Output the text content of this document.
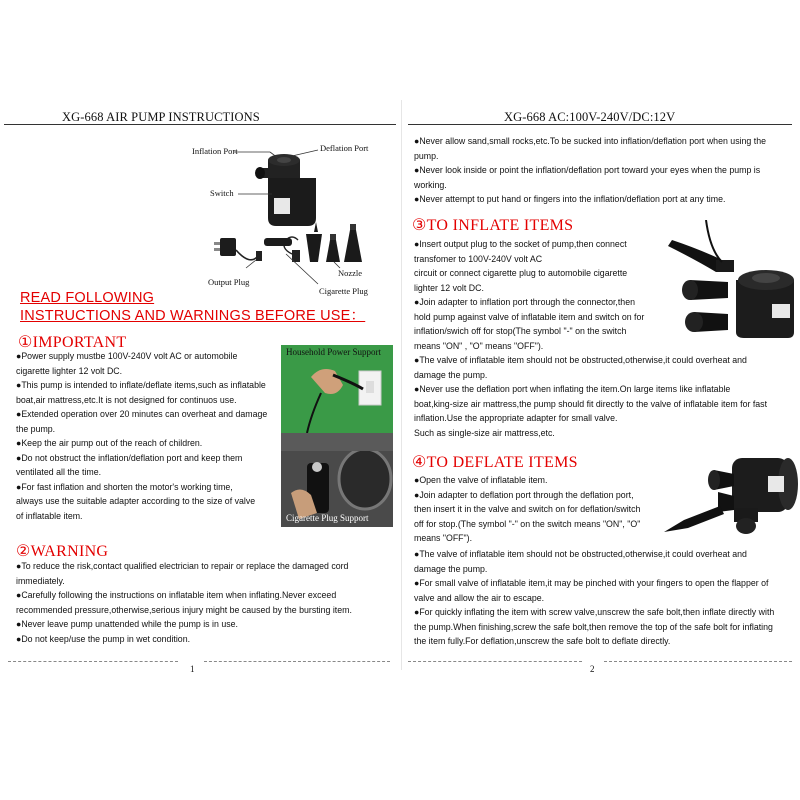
XG-668 AIR PUMP INSTRUCTIONS
Inflation Port	Deflation Port
Switch
Output Plug
Nozzle
Cigarette Plug
READ FOLLOWING
INSTRUCTIONS AND WARNINGS BEFORE USE：
①IMPORTANT

●Power supply mustbe 100V-240V volt AC or automobile

cigarette lighter 12 volt DC.

●This pump is intended to inflate/deflate items,such as inflatable

boat,air mattress,etc.It is not designed for continuos use.

●Extended operation over 20 minutes can overheat and damage

the pump.

●Keep the air pump out of the reach of children.

●Do not obstruct the inflation/deflation port and keep them

ventilated all the time.

●For fast inflation and shorten the motor's working time,

always use the suitable adapter according to the size of valve

of inflatable item.

Household Power Support
Cigarette Plug Support
②WARNING

●To reduce the risk,contact qualified electrician to repair or replace the damaged cord

immediately.

●Carefully following the instructions on inflatable item when inflating.Never exceed

recommended pressure,otherwise,serious injury might be caused by the bursting item.

●Never leave pump unattended while the pump is in use.

●Do not keep/use the pump in wet condition.

1
XG-668 AC:100V-240V/DC:12V

●Never allow sand,small rocks,etc.To be sucked into inflation/deflation port when using the

pump.

●Never look inside or point the inflation/deflation port toward your eyes when the pump is

working.

●Never attempt to put hand or fingers into the inflation/deflation port at any time.

③TO INFLATE ITEMS

●Insert output plug to the socket of pump,then connect

transfomer to 100V-240V volt AC

circuit or connect cigarette plug to automobile cigarette

lighter 12 volt DC.

●Join adapter to inflation port through the connector,then

hold pump against valve of inflatable item and switch on for

inflation/swich off for stop(The symbol "-" on the switch

means "ON" , "O" means "OFF").

●The valve of inflatable item should not be obstructed,otherwise,it could overheat and

damage the pump.

●Never use the deflation port when inflating the item.On large items like inflatable

boat,king-size air mattress,the pump should fit directly to the valve of inflatable item for fast

inflation.Use the appropriate adapter for small valve.

Such as single-size air mattress,etc.

④TO DEFLATE ITEMS

●Open the valve of inflatable item.

●Join adapter to deflation port through the deflation port,

then insert it in the valve and switch on for deflation/switch

off for stop.(The symbol "-" on the switch means "ON", "O"

means "OFF").

●The valve of inflatable item should not be obstructed,otherwise,it could overheat and

damage the pump.

●For small valve of inflatable item,it may be pinched with your fingers to open the flapper of

valve and allow the air to escape.

●For quickly inflating the item with screw valve,unscrew the safe bolt,then inflate directly with

the pump.When finishing,screw the safe bolt,then remove the top of the safe bolt for inflating

the item fully.For deflation,unscrew the safe bolt to deflate directly.

2
